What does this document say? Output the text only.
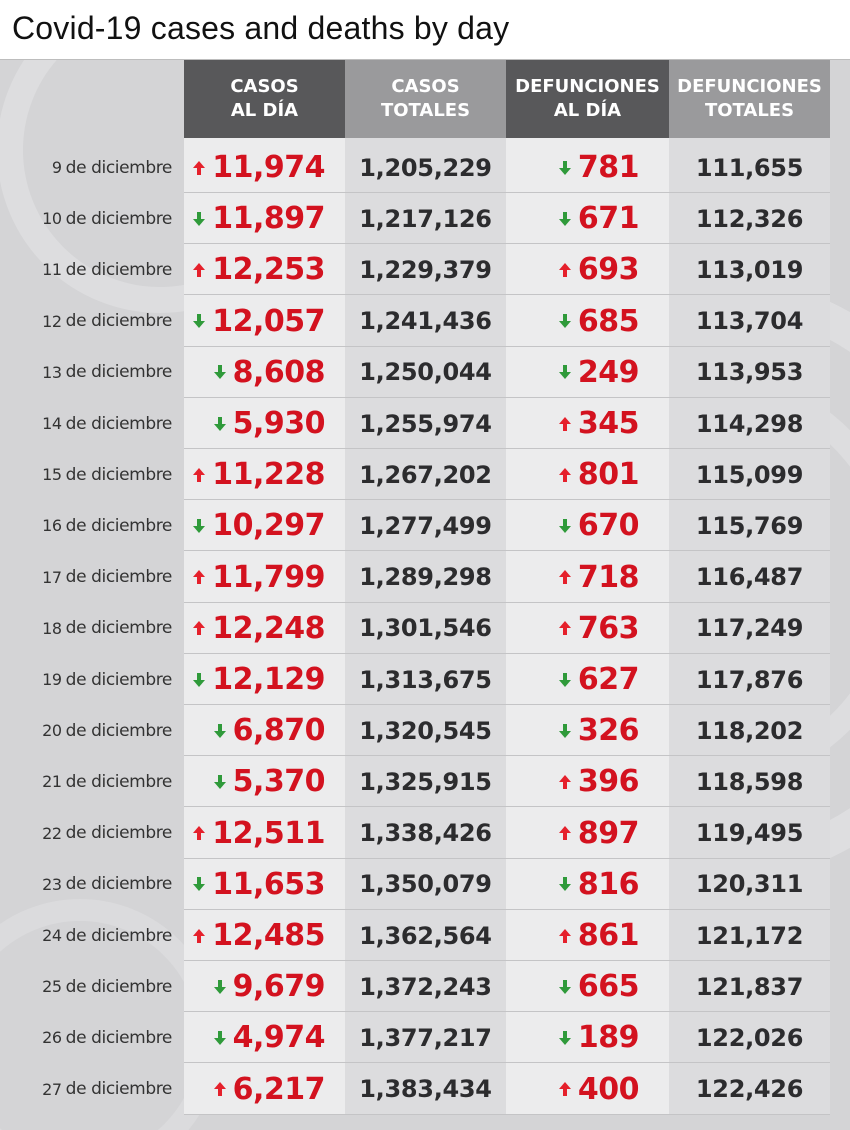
Covid-19 cases and deaths by day
CASOS
AL DÍA
CASOS
TOTALES
DEFUNCIONES
AL DÍA
DEFUNCIONES
TOTALES
9 de diciembre 11,974	1,205,229	781	111,655
10 de diciembre 11,897	1,217,126	671	112,326
11 de diciembre 12,253	1,229,379	693	113,019
12 de diciembre 12,057	1,241,436	685	113,704
13 de diciembre 8,608	1,250,044	249	113,953
14 de diciembre 5,930	1,255,974	345	114,298
15 de diciembre 11,228	1,267,202	801	115,099
16 de diciembre 10,297	1,277,499	670	115,769
17 de diciembre 11,799	1,289,298	718	116,487
18 de diciembre 12,248	1,301,546	763	117,249
19 de diciembre 12,129	1,313,675	627	117,876
20 de diciembre 6,870	1,320,545	326	118,202
21 de diciembre 5,370	1,325,915	396	118,598
22 de diciembre 12,511	1,338,426	897	119,495
23 de diciembre 11,653	1,350,079	816	120,311
24 de diciembre 12,485	1,362,564	861	121,172
25 de diciembre 9,679	1,372,243	665	121,837
26 de diciembre 4,974	1,377,217	189	122,026
27 de diciembre 6,217	1,383,434	400	122,426
